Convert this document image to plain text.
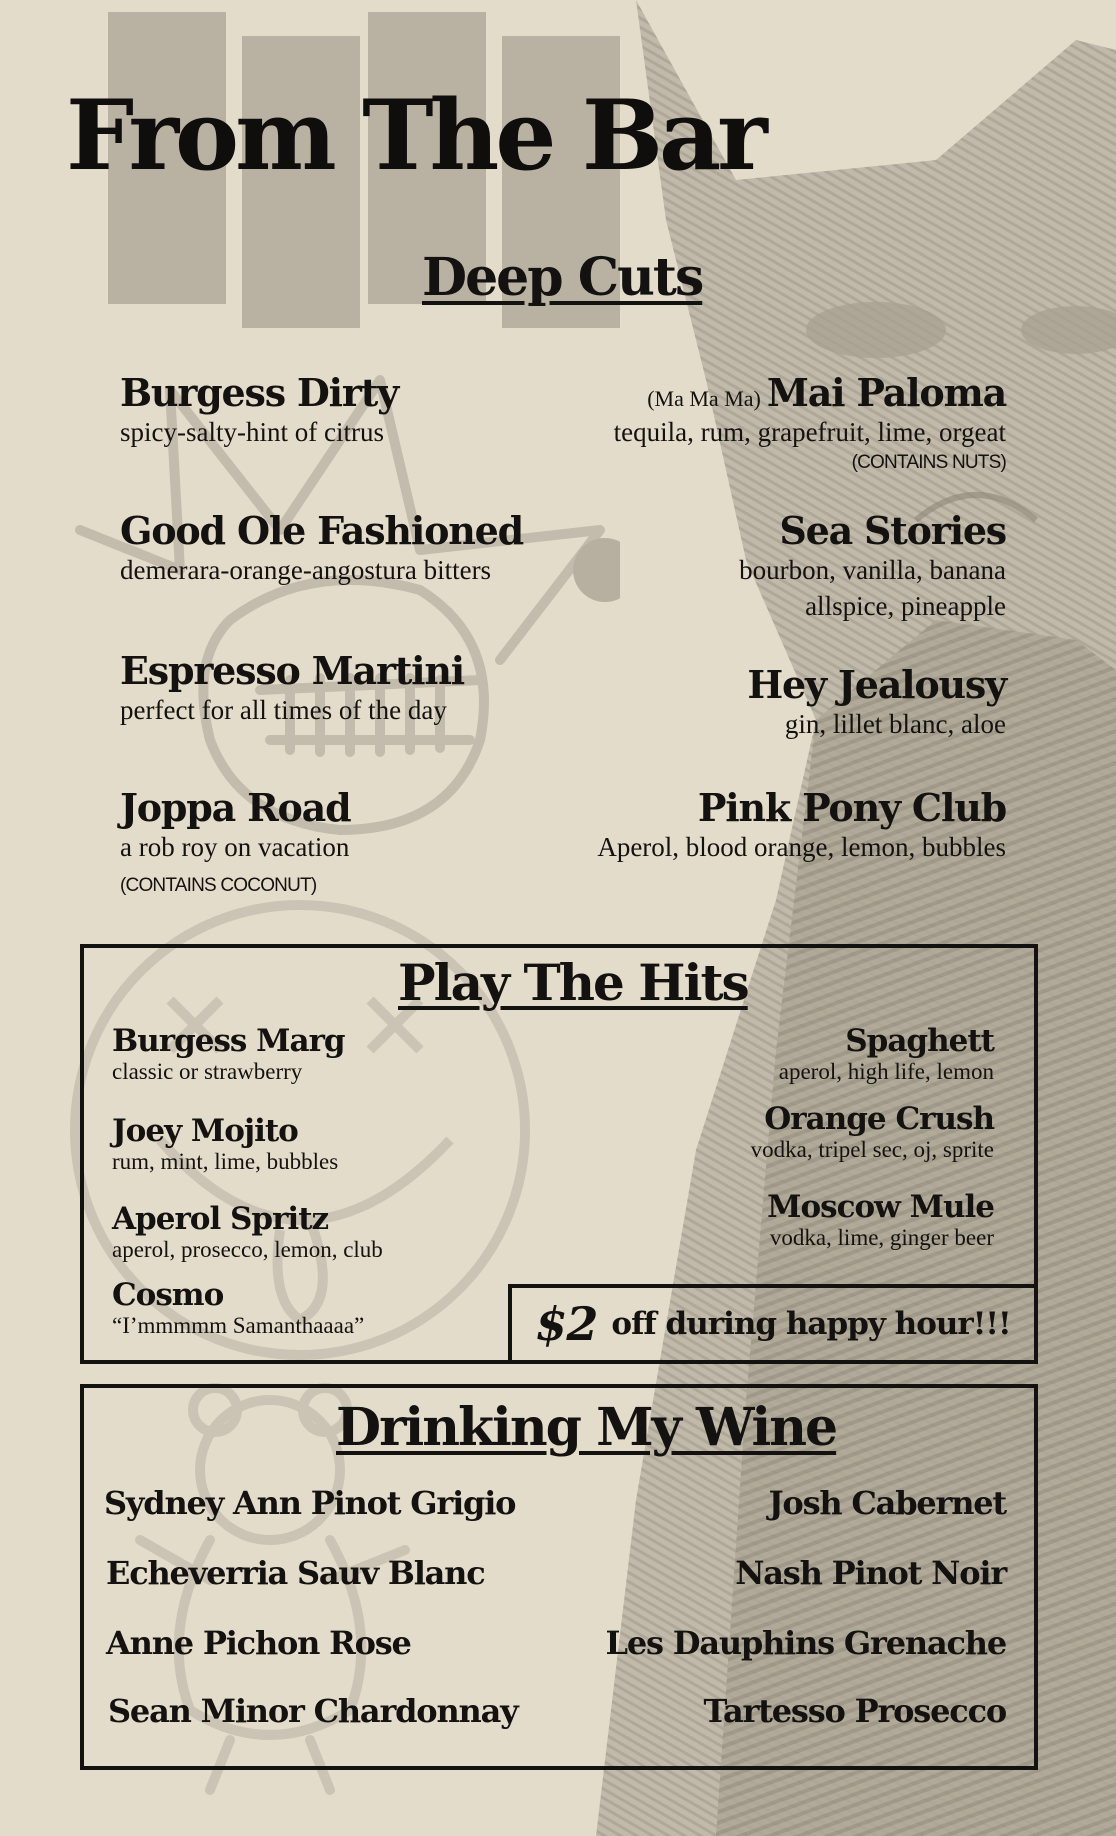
From The Bar
Deep Cuts
Burgess Dirty
spicy-salty-hint of citrus
Good Ole Fashioned
demerara-orange-angostura bitters
Espresso Martini
perfect for all times of the day
Joppa Road
a rob roy on vacation
(CONTAINS COCONUT)
(Ma Ma Ma) Mai Paloma
tequila, rum, grapefruit, lime, orgeat
(CONTAINS NUTS)
Sea Stories
bourbon, vanilla, banana
allspice, pineapple
Hey Jealousy
gin, lillet blanc, aloe
Pink Pony Club
Aperol, blood orange, lemon, bubbles
Play The Hits
Burgess Marg
classic or strawberry
Joey Mojito
rum, mint, lime, bubbles
Aperol Spritz
aperol, prosecco, lemon, club
Cosmo
“I’mmmmm Samanthaaaa”
Spaghett
aperol, high life, lemon
Orange Crush
vodka, tripel sec, oj, sprite
Moscow Mule
vodka, lime, ginger beer
$2 off during happy hour!!!
Drinking My Wine
Sydney Ann Pinot Grigio
Echeverria Sauv Blanc
Anne Pichon Rose
Sean Minor Chardonnay
Josh Cabernet
Nash Pinot Noir
Les Dauphins Grenache
Tartesso Prosecco
